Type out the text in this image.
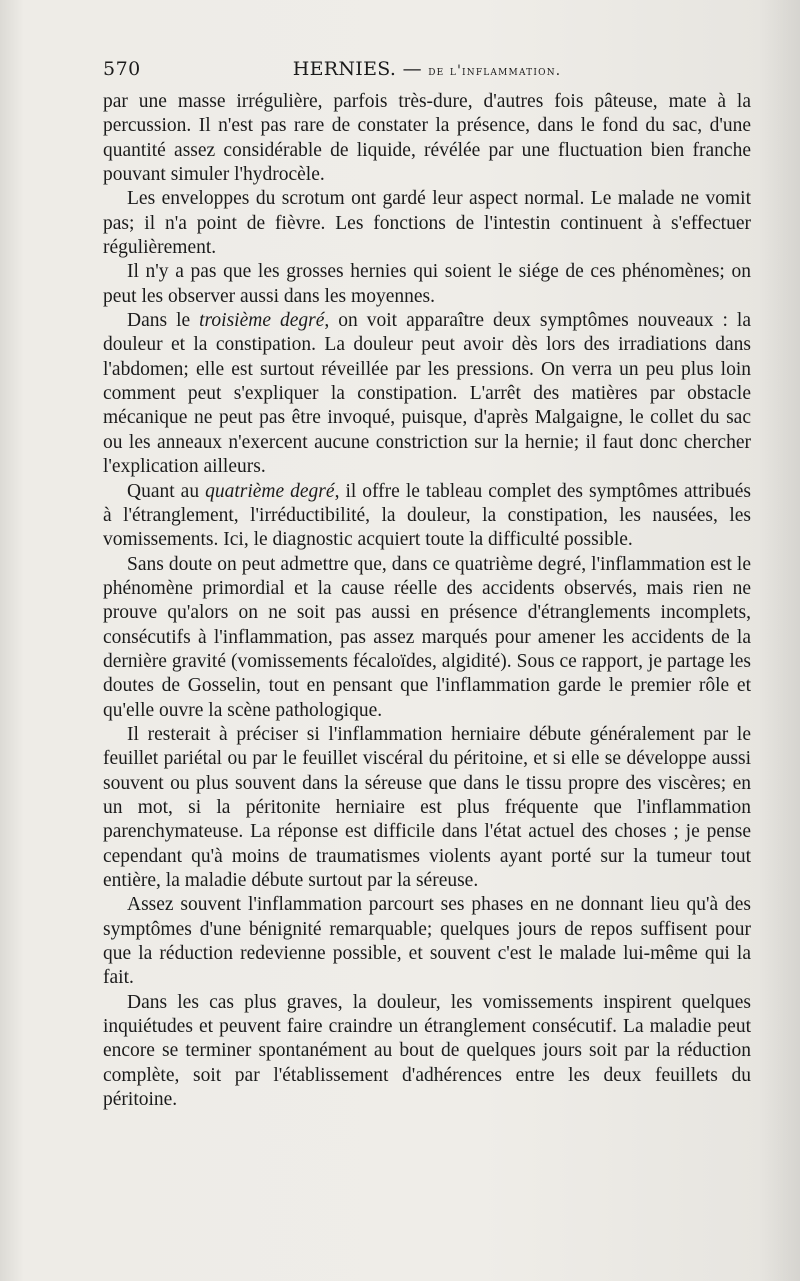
570	HERNIES. — de l'inflammation.

par une masse irrégulière, parfois très-dure, d'autres fois pâteuse, mate à la percussion. Il n'est pas rare de constater la présence, dans le fond du sac, d'une quantité assez considérable de liquide, révélée par une fluctuation bien franche pouvant simuler l'hydrocèle.

Les enveloppes du scrotum ont gardé leur aspect normal. Le malade ne vomit pas; il n'a point de fièvre. Les fonctions de l'intestin continuent à s'effectuer régulièrement.

Il n'y a pas que les grosses hernies qui soient le siége de ces phénomènes; on peut les observer aussi dans les moyennes.

Dans le troisième degré, on voit apparaître deux symptômes nouveaux : la douleur et la constipation. La douleur peut avoir dès lors des irradiations dans l'abdomen; elle est surtout réveillée par les pressions. On verra un peu plus loin comment peut s'expliquer la constipation. L'arrêt des matières par obstacle mécanique ne peut pas être invoqué, puisque, d'après Malgaigne, le collet du sac ou les anneaux n'exercent aucune constriction sur la hernie; il faut donc chercher l'explication ailleurs.

Quant au quatrième degré, il offre le tableau complet des symptômes attribués à l'étranglement, l'irréductibilité, la douleur, la constipation, les nausées, les vomissements. Ici, le diagnostic acquiert toute la difficulté possible.

Sans doute on peut admettre que, dans ce quatrième degré, l'inflammation est le phénomène primordial et la cause réelle des accidents observés, mais rien ne prouve qu'alors on ne soit pas aussi en présence d'étranglements incomplets, consécutifs à l'inflammation, pas assez marqués pour amener les accidents de la dernière gravité (vomissements fécaloïdes, algidité). Sous ce rapport, je partage les doutes de Gosselin, tout en pensant que l'inflammation garde le premier rôle et qu'elle ouvre la scène pathologique.

Il resterait à préciser si l'inflammation herniaire débute généralement par le feuillet pariétal ou par le feuillet viscéral du péritoine, et si elle se développe aussi souvent ou plus souvent dans la séreuse que dans le tissu propre des viscères; en un mot, si la péritonite herniaire est plus fréquente que l'inflammation parenchymateuse. La réponse est difficile dans l'état actuel des choses ; je pense cependant qu'à moins de traumatismes violents ayant porté sur la tumeur tout entière, la maladie débute surtout par la séreuse.

Assez souvent l'inflammation parcourt ses phases en ne donnant lieu qu'à des symptômes d'une bénignité remarquable; quelques jours de repos suffisent pour que la réduction redevienne possible, et souvent c'est le malade lui-même qui la fait.

Dans les cas plus graves, la douleur, les vomissements inspirent quelques inquiétudes et peuvent faire craindre un étranglement consécutif. La maladie peut encore se terminer spontanément au bout de quelques jours soit par la réduction complète, soit par l'établissement d'adhérences entre les deux feuillets du péritoine.
